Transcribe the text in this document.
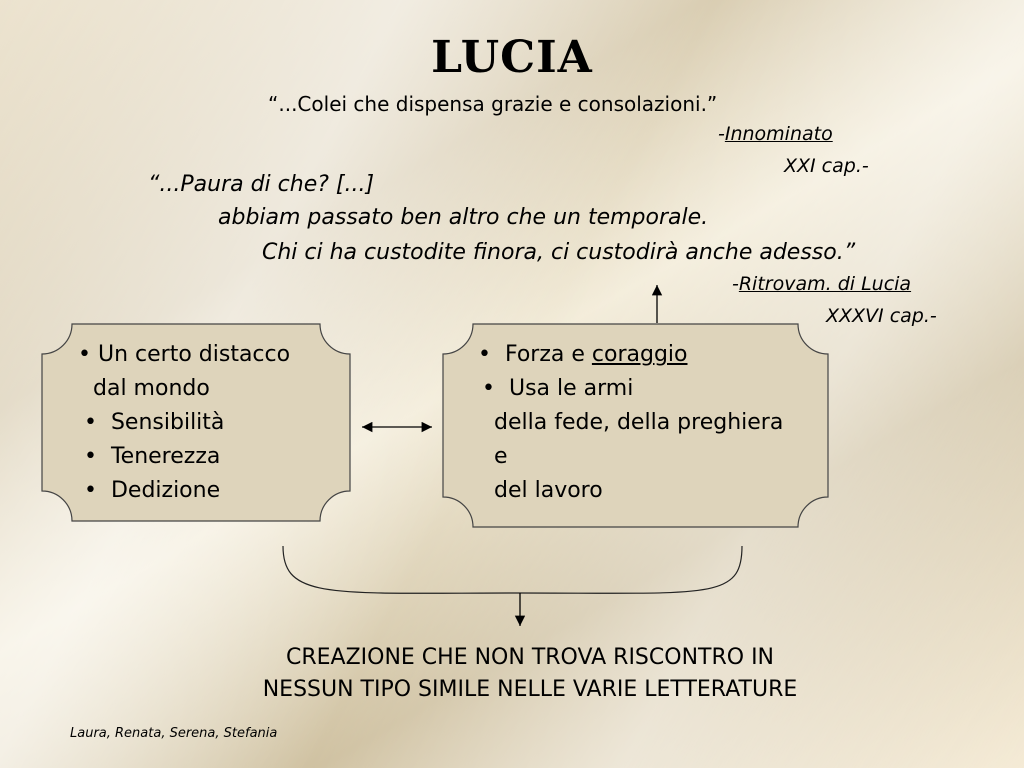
LUCIA
“...Colei che dispensa grazie e consolazioni.”
-Innominato
XXI cap.-
“...Paura di che? [...]
abbiam passato ben altro che un temporale.
Chi ci ha custodite finora, ci custodirà anche adesso.”
-Ritrovam. di Lucia
XXXVI cap.-
• Un certo distacco
dal mondo
•  Sensibilità
•  Tenerezza
•  Dedizione
•  Forza e coraggio
•  Usa le armi
della fede, della preghiera
e
del lavoro
CREAZIONE CHE NON TROVA RISCONTRO IN
NESSUN TIPO SIMILE NELLE VARIE LETTERATURE
Laura, Renata, Serena, Stefania
